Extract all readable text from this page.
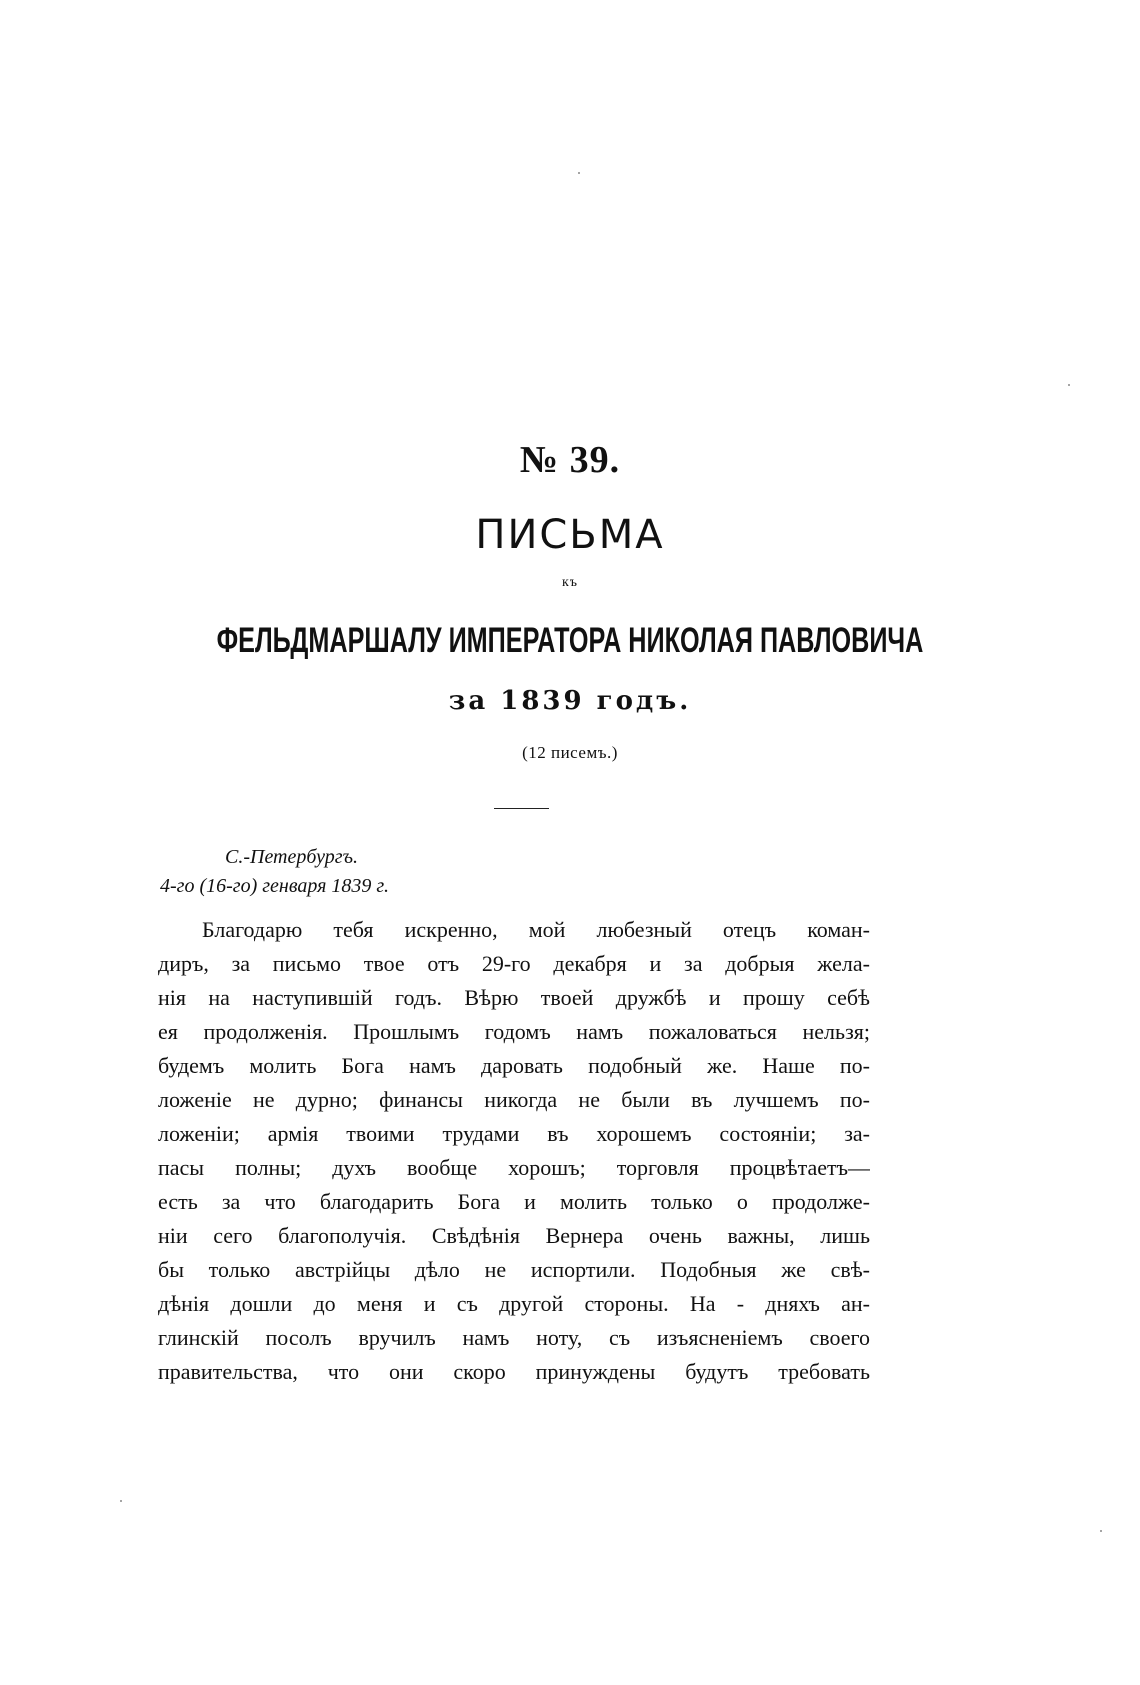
№ 39.
ПИСЬМА
къ
ФЕЛЬДМАРШАЛУ ИМПЕРАТОРА НИКОЛАЯ ПАВЛОВИЧА
за 1839 годъ.
(12 писемъ.)
С.-Петербургъ.
4-го (16-го) генваря 1839 г.
Благодарю тебя искренно, мой любезный отецъ коман-
диръ, за письмо твое отъ 29-го декабря и за добрыя жела-
нія на наступившій годъ. Вѣрю твоей дружбѣ и прошу себѣ
ея продолженія. Прошлымъ годомъ намъ пожаловаться нельзя;
будемъ молить Бога намъ даровать подобный же. Наше по-
ложеніе не дурно; финансы никогда не были въ лучшемъ по-
ложеніи; армія твоими трудами въ хорошемъ состояніи; за-
пасы полны; духъ вообще хорошъ; торговля процвѣтаетъ—
есть за что благодарить Бога и молить только о продолже-
ніи сего благополучія. Свѣдѣнія Вернера очень важны, лишь
бы только австрійцы дѣло не испортили. Подобныя же свѣ-
дѣнія дошли до меня и съ другой стороны. На - дняхъ ан-
глинскій посолъ вручилъ намъ ноту, съ изъясненіемъ своего
правительства, что они скоро принуждены будутъ требовать
